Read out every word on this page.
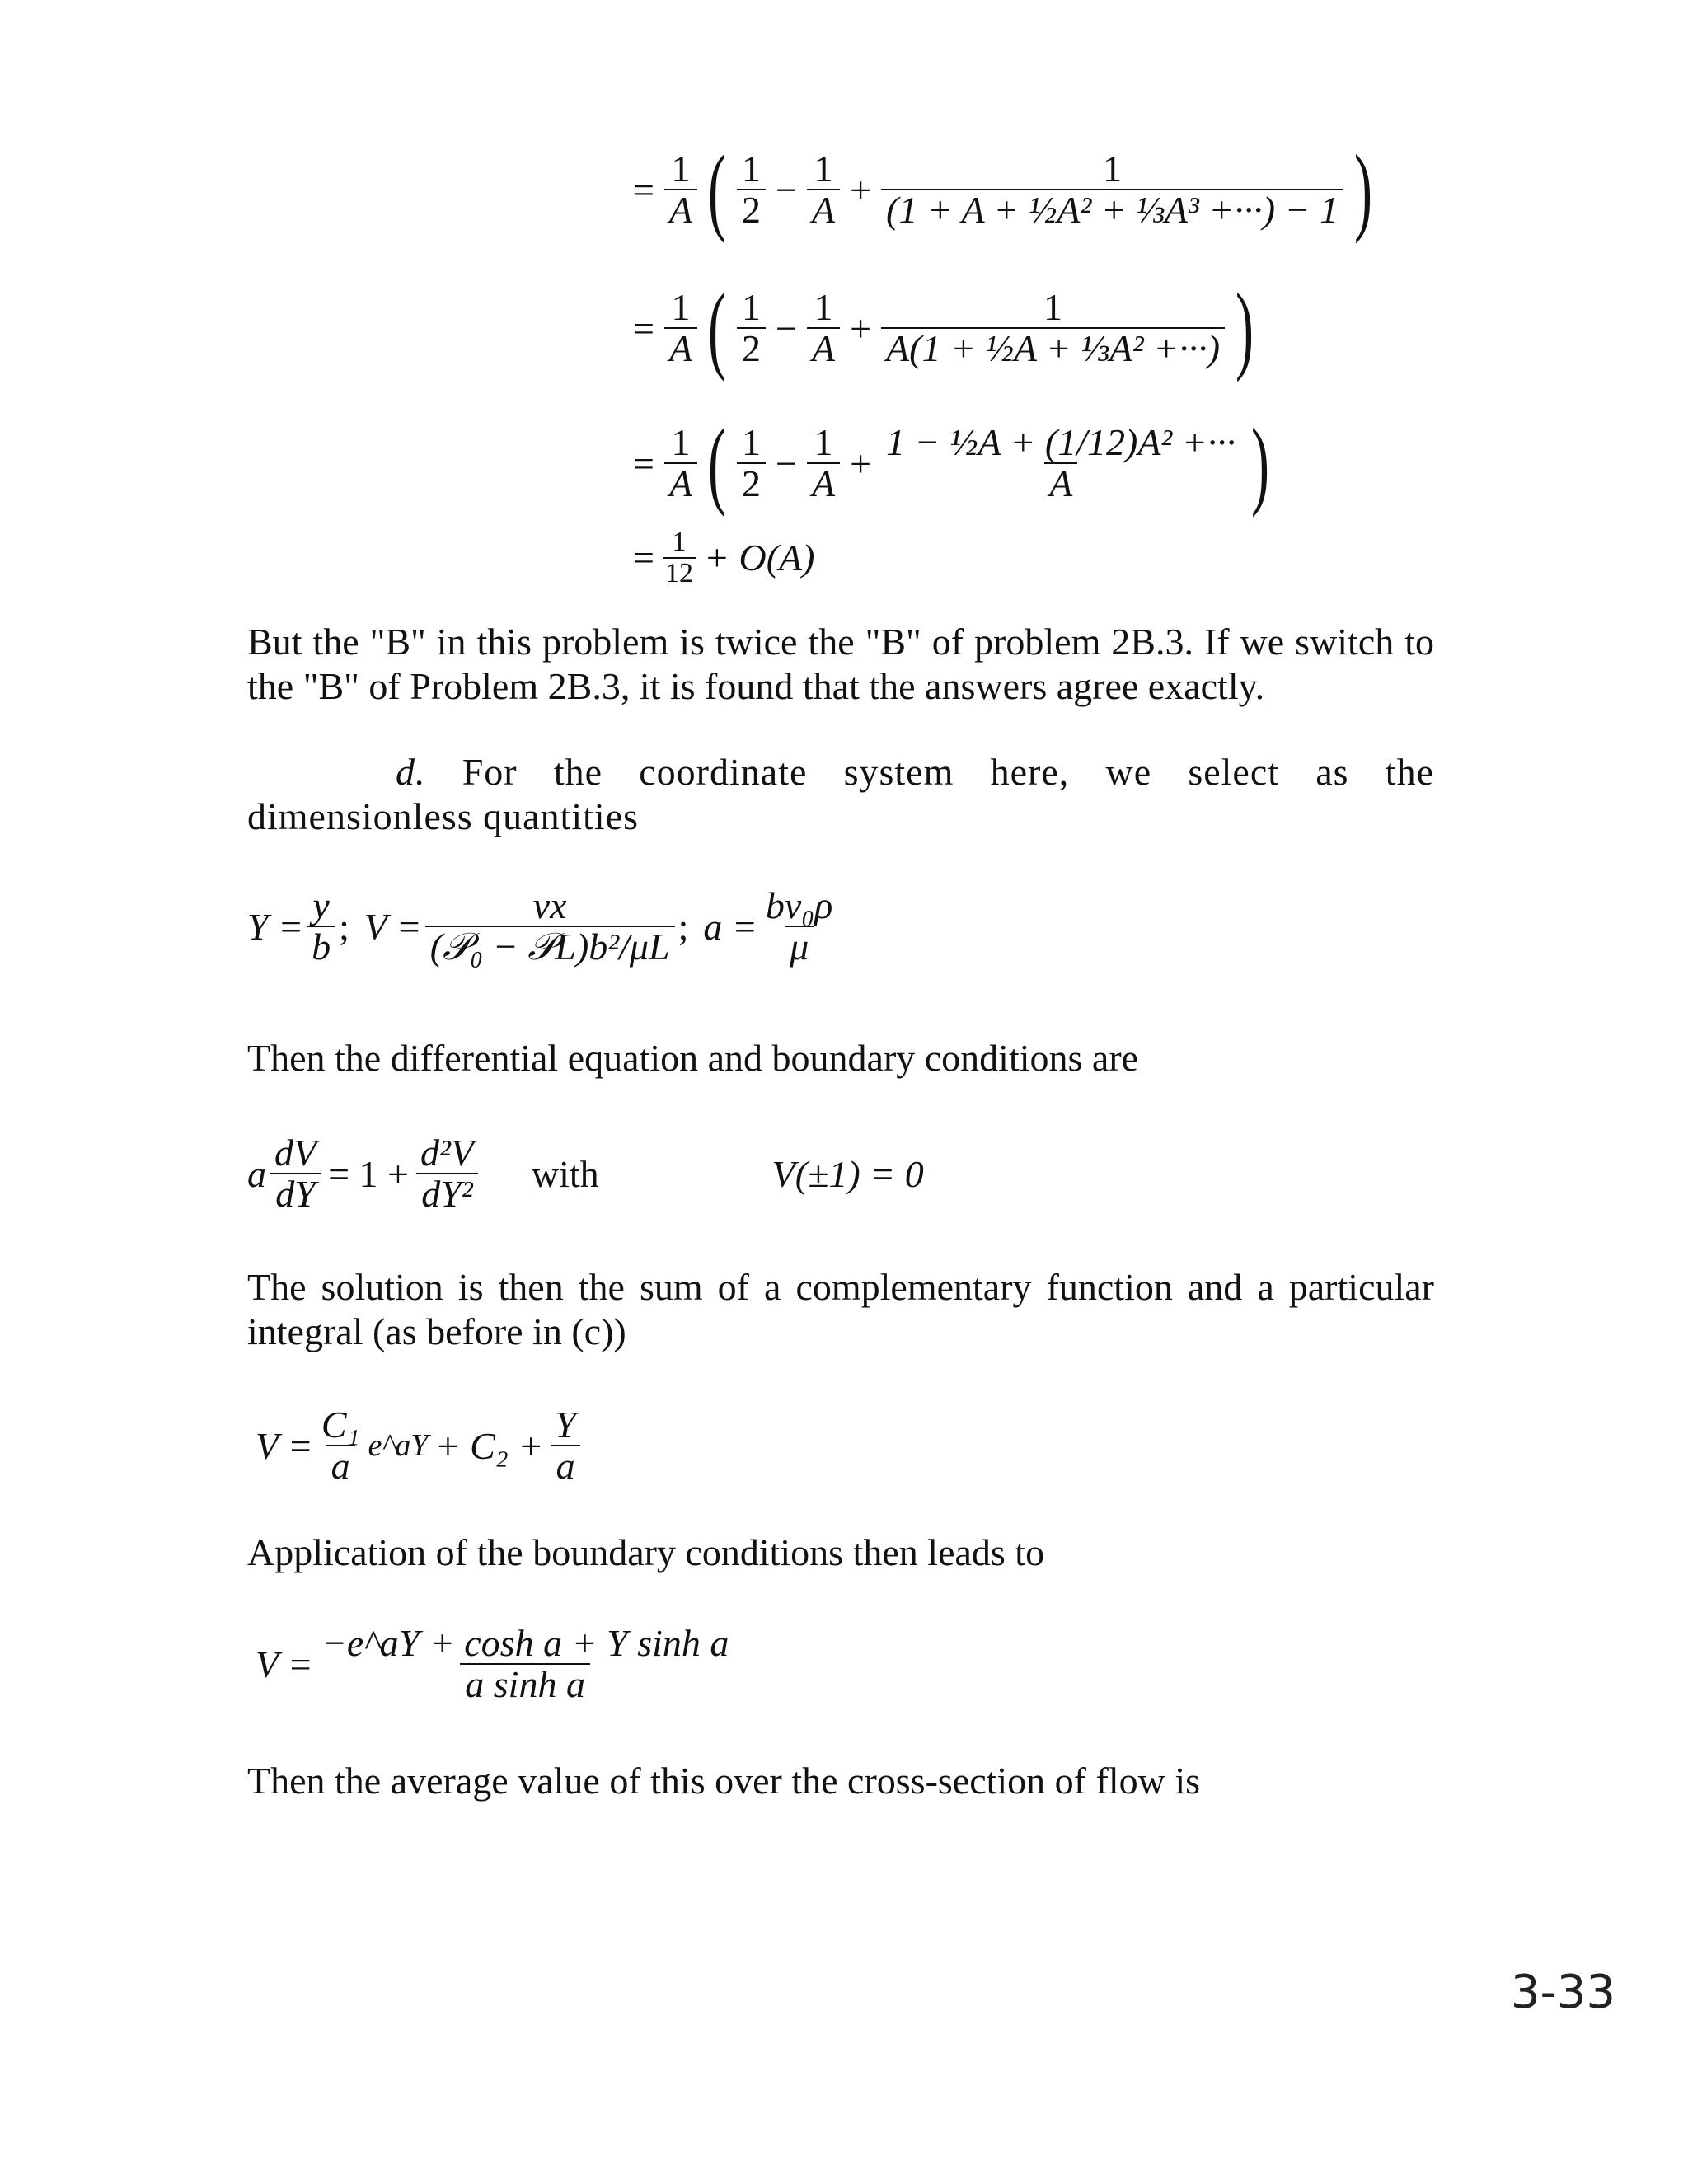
= $\frac{1}{A}$ ( $\frac{1}{2} - \frac{1}{A} + \frac{1}{\text{(1 + A + ½A² + ⅓A³ +···) − 1}}$ )
= $\frac{1}{A}$ ( $\frac{1}{2} - \frac{1}{A} + \frac{1}{\text{A(1 + ½A + ⅓A² +···)}}$ )
= $\frac{1}{A}$ ( $\frac{1}{2} - \frac{1}{A} + \frac{\text{1 − ½A + (1/12)A² +···}}{A}$ )
= $\frac{1}{12} + O(A)$
But the "B" in this problem is twice the "B" of problem 2B.3. If we switch to the "B" of Problem 2B.3, it is found that the answers agree exactly.
d. For the coordinate system here, we select as the dimensionless quantities
$Y = \frac{y}{b}$ ; $V = \frac{vx}{\text{(𝒫₀ − 𝒫L)b²/μL}}$ ; $a = \frac{\text{bv₀ρ}}{\mu}$
Then the differential equation and boundary conditions are
a $\frac{dV}{dY} = 1 + \frac{\text{d²V}}{\text{dY²}}$ with	V(±1) = 0
The solution is then the sum of a complementary function and a particular integral (as before in (c))
$V = \frac{\text{C₁}}{a}$ e^aY + $C_2 + \frac{Y}{a}$
Application of the boundary conditions then leads to
$V = \frac{\text{−e\textasciicircum{}aY + cosh a + Y sinh a}}{\text{a sinh a}}$
Then the average value of this over the cross-section of flow is
3-33
